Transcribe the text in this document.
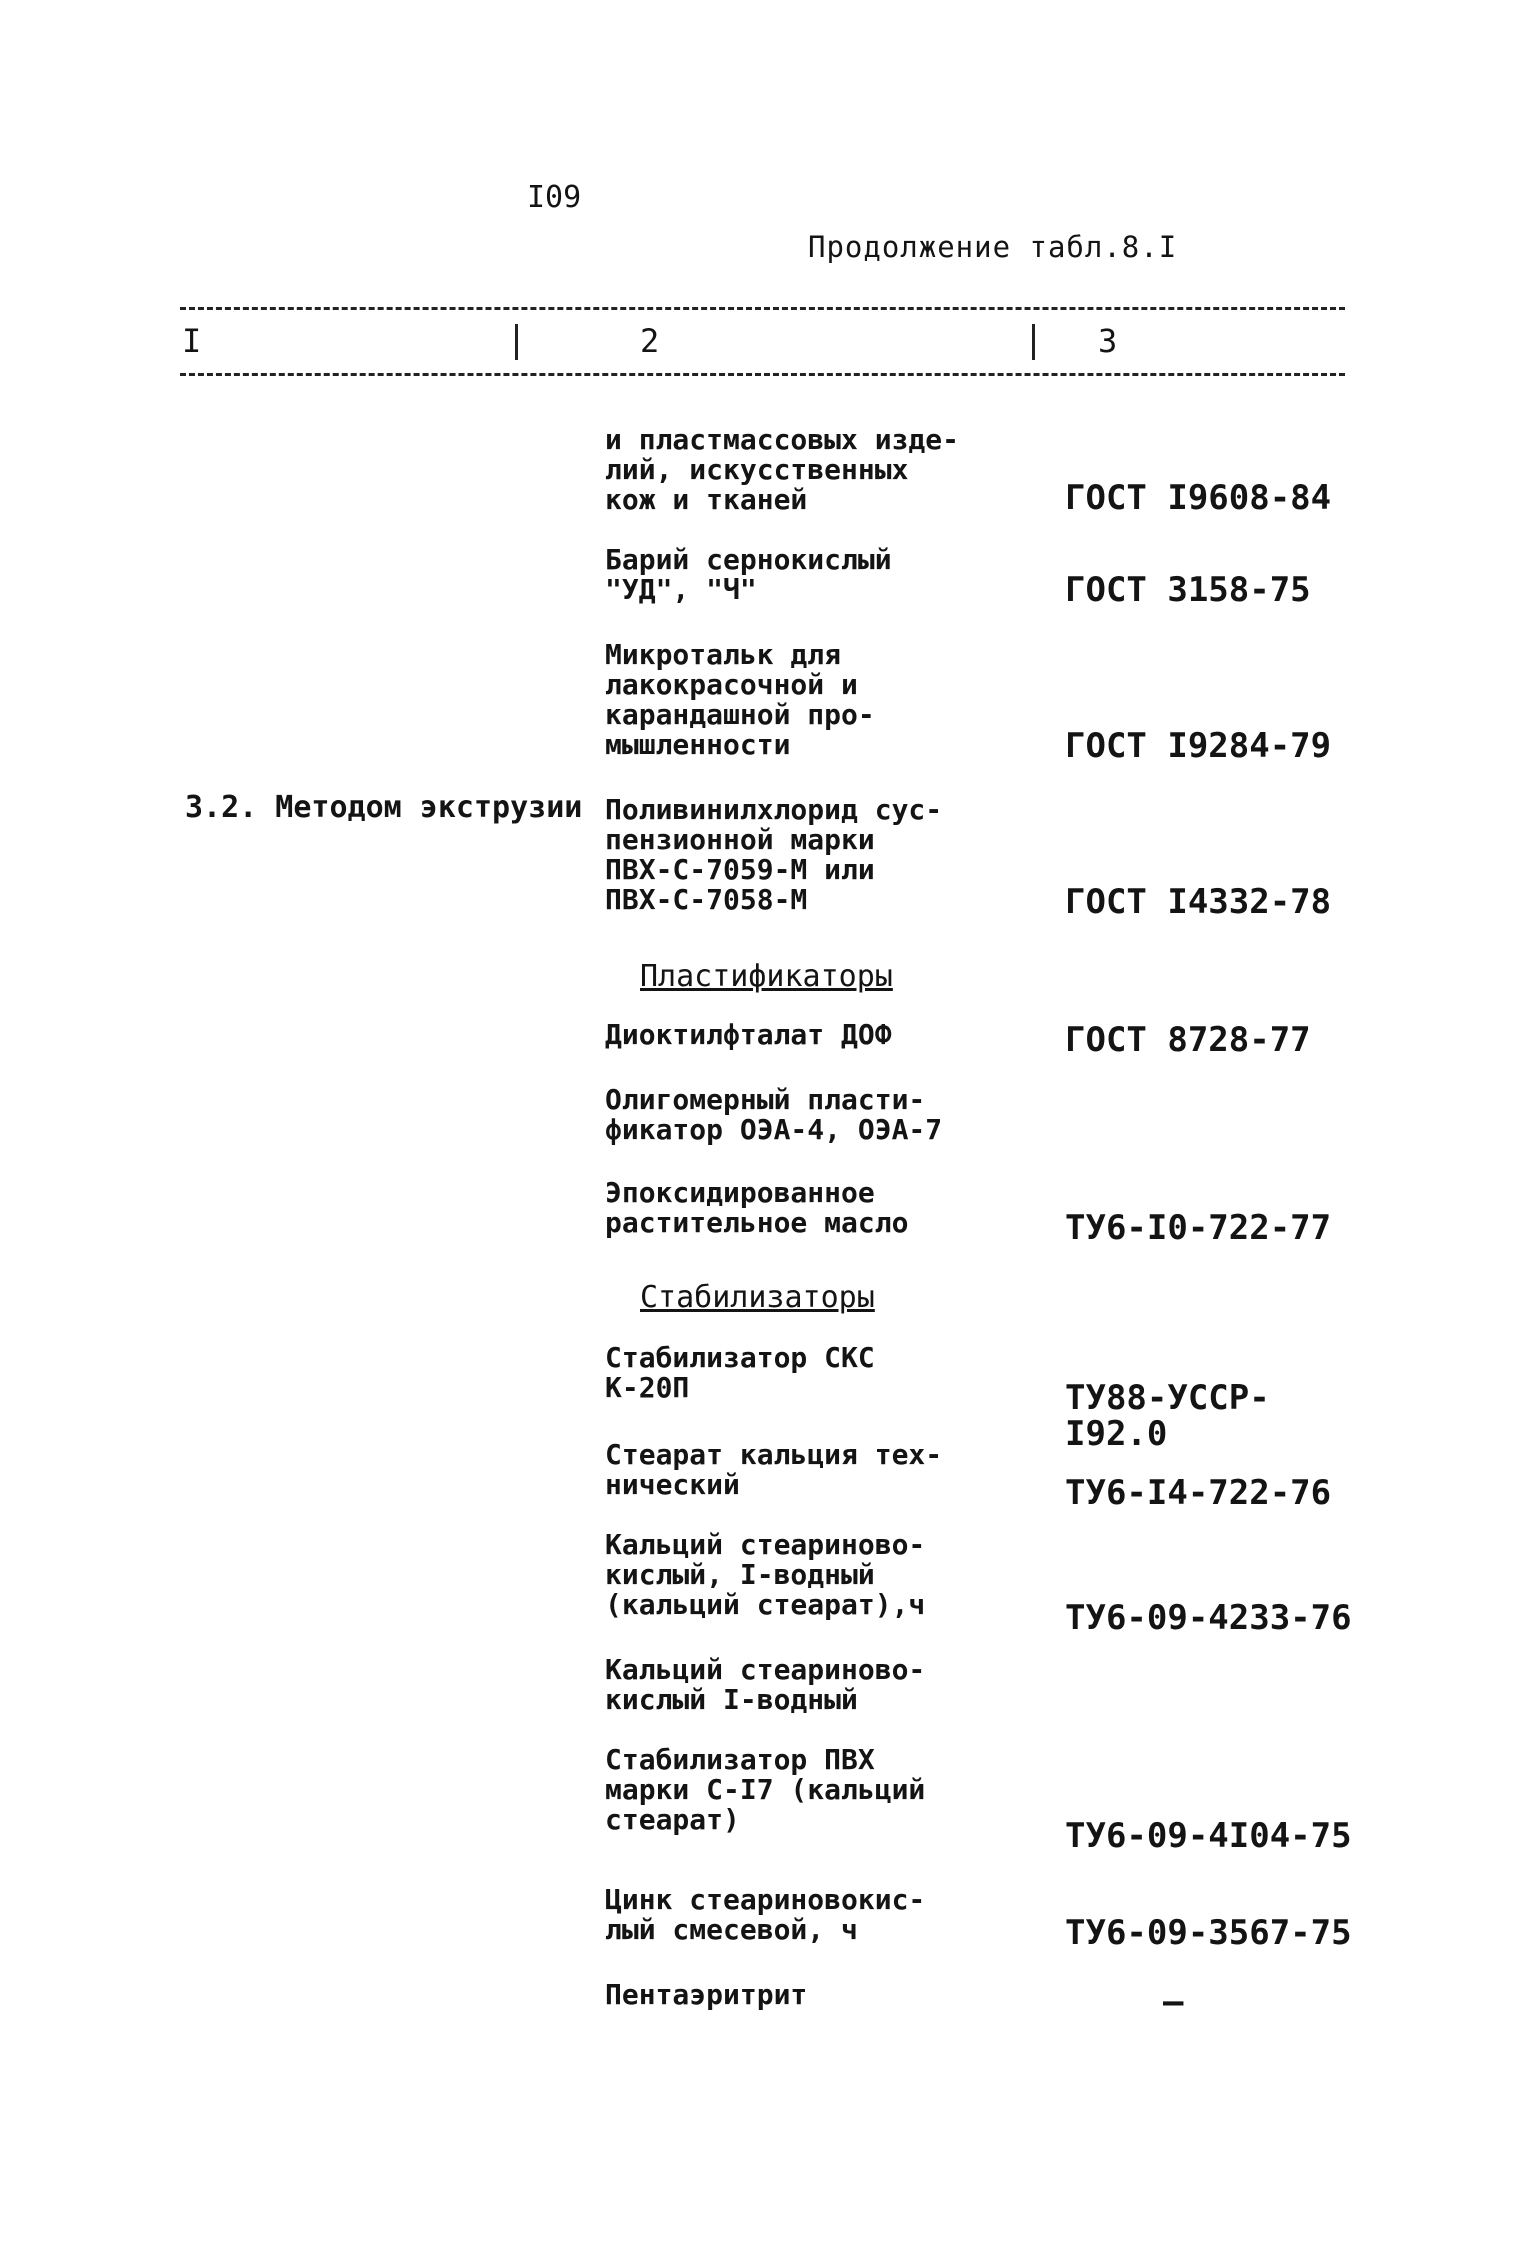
I09
Продолжение табл.8.I
I	2	3
3.2. Методом экструзии
и пластмассовых изде-
лий, искусственных
кож и тканей	ГОСТ I9608-84
Барий сернокислый
"УД", "Ч"	ГОСТ 3158-75
Микротальк для
лакокрасочной и
карандашной про-
мышленности	ГОСТ I9284-79
Поливинилхлорид сус-
пензионной марки
ПВХ-С-7059-М или
ПВХ-С-7058-М	ГОСТ I4332-78
Пластификаторы
Диоктилфталат ДОФ	ГОСТ 8728-77
Олигомерный пласти-
фикатор ОЭА-4, ОЭА-7
Эпоксидированное
растительное масло	ТУ6-I0-722-77
Стабилизаторы
Стабилизатор СКС
К-20П	ТУ88-УССР-I92.0
Стеарат кальция тех-
нический	ТУ6-I4-722-76
Кальций стеариново-
кислый, I-водный
(кальций стеарат),ч	ТУ6-09-4233-76
Кальций стеариново-
кислый I-водный
Стабилизатор ПВХ
марки С-I7 (кальций
стеарат)	ТУ6-09-4I04-75
Цинк стеариновокис-
лый смесевой, ч	ТУ6-09-3567-75
Пентаэритрит	–
